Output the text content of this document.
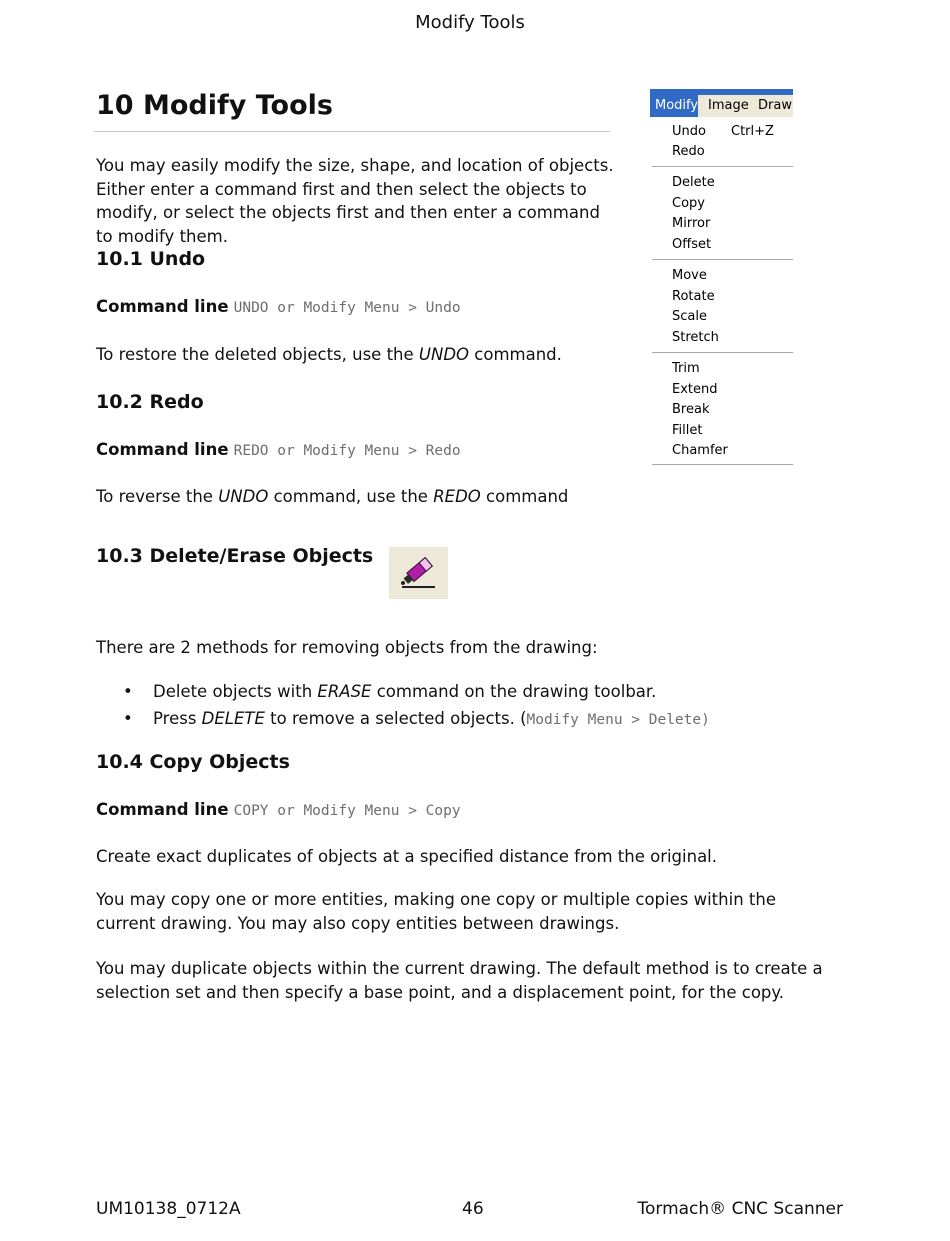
Modify Tools
10 Modify Tools

You may easily modify the size, shape, and location of objects. Either enter a command first and then select the objects to modify, or select the objects first and then enter a command to modify them.

10.1 Undo
Command line UNDO or Modify Menu > Undo

To restore the deleted objects, use the UNDO command.

10.2 Redo
Command line REDO or Modify Menu > Redo

To reverse the UNDO command, use the REDO command

10.3 Delete/Erase Objects

There are 2 methods for removing objects from the drawing:

• Delete objects with ERASE command on the drawing toolbar.
• Press DELETE to remove a selected objects. (Modify Menu > Delete)
10.4 Copy Objects
Command line COPY or Modify Menu > Copy

Create exact duplicates of objects at a specified distance from the original.

You may copy one or more entities, making one copy or multiple copies within the current drawing. You may also copy entities between drawings.

You may duplicate objects within the current drawing. The default method is to create a selection set and then specify a base point, and a displacement point, for the copy.

Modify Image Draw
Undo Ctrl+Z
Redo
Delete
Copy
Mirror
Offset
Move
Rotate
Scale
Stretch
Trim
Extend
Break
Fillet
Chamfer
UM10138_0712A	46	Tormach® CNC Scanner
